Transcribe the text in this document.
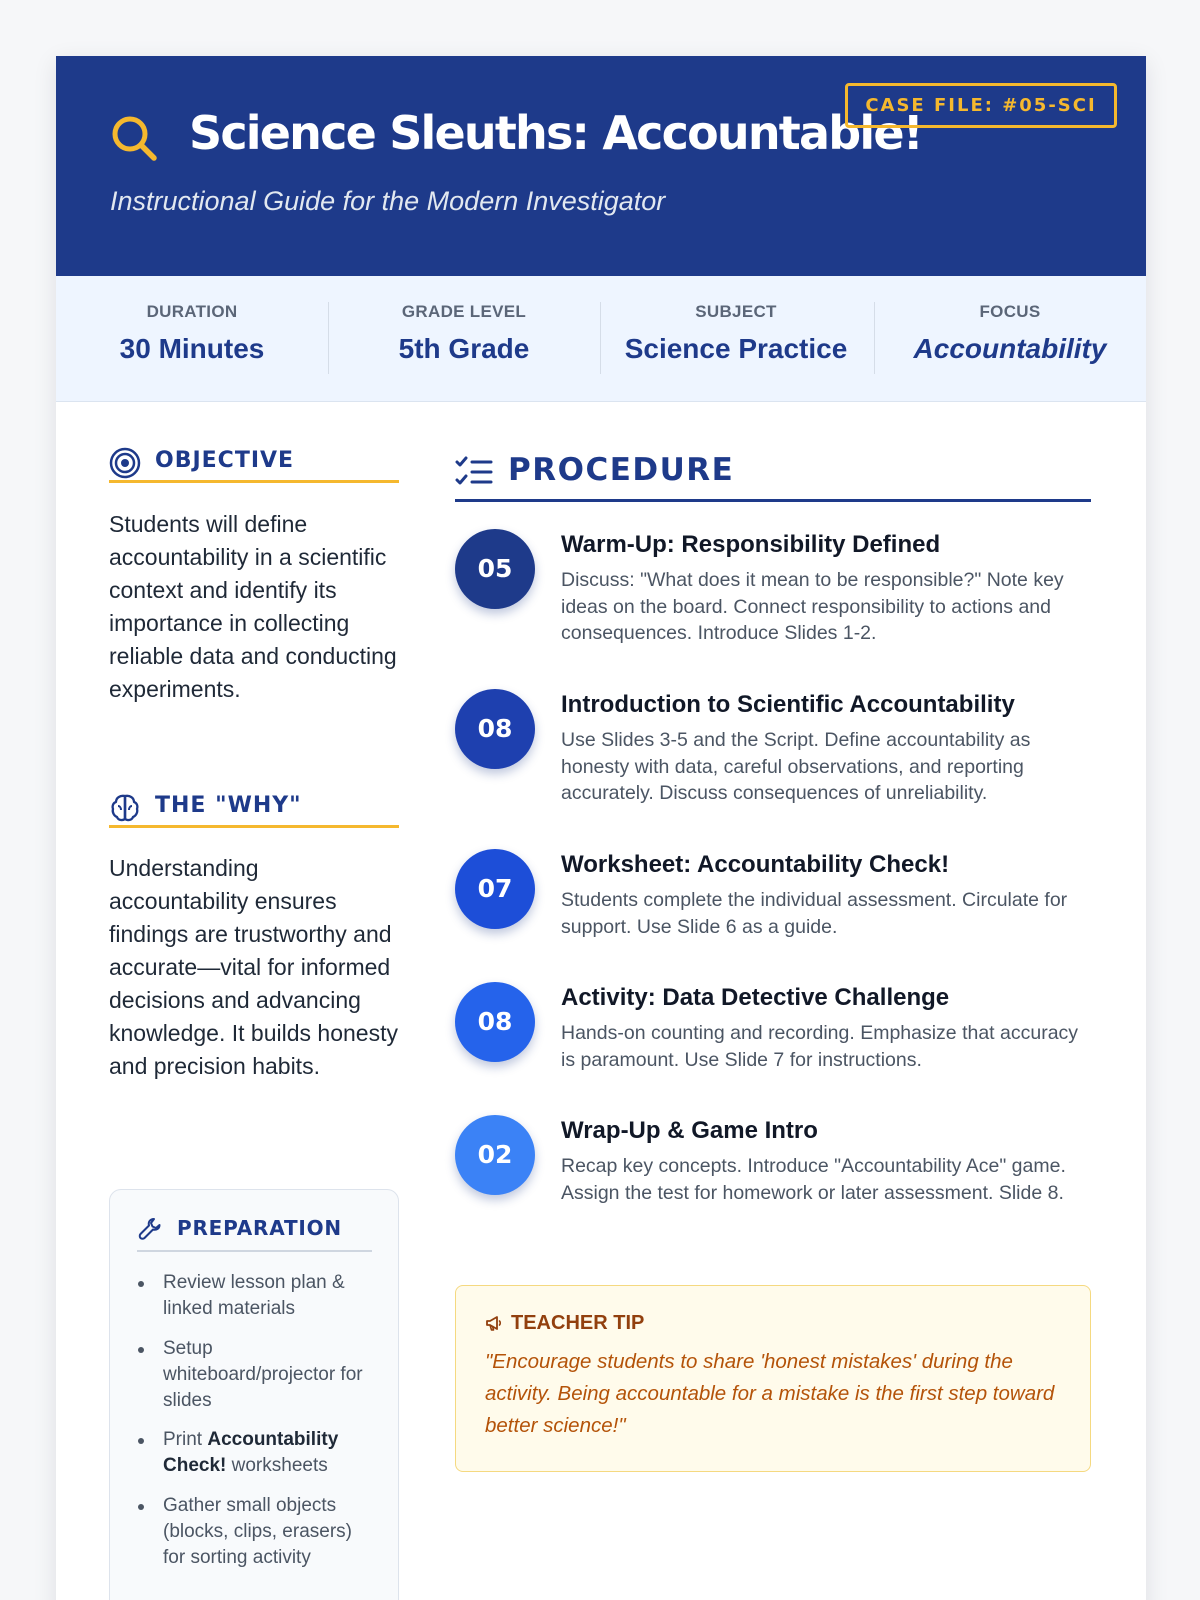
Science Sleuths: Accountable!
Instructional Guide for the Modern Investigator
CASE FILE: #05-SCI
DURATION
30 Minutes
GRADE LEVEL
5th Grade
SUBJECT
Science Practice
FOCUS
Accountability
OBJECTIVE
Students will define accountability in a scientific context and identify its importance in collecting reliable data and conducting experiments.
THE "WHY"
Understanding accountability ensures findings are trustworthy and accurate—vital for informed decisions and advancing knowledge. It builds honesty and precision habits.
PREPARATION
Review lesson plan & linked materials
Setup whiteboard/projector for slides
Print Accountability Check! worksheets
Gather small objects (blocks, clips, erasers) for sorting activity
PROCEDURE
05
Warm-Up: Responsibility Defined
Discuss: "What does it mean to be responsible?" Note key ideas on the board. Connect responsibility to actions and consequences. Introduce Slides 1-2.
08
Introduction to Scientific Accountability
Use Slides 3-5 and the Script. Define accountability as honesty with data, careful observations, and reporting accurately. Discuss consequences of unreliability.
07
Worksheet: Accountability Check!
Students complete the individual assessment. Circulate for support. Use Slide 6 as a guide.
08
Activity: Data Detective Challenge
Hands-on counting and recording. Emphasize that accuracy is paramount. Use Slide 7 for instructions.
02
Wrap-Up & Game Intro
Recap key concepts. Introduce "Accountability Ace" game. Assign the test for homework or later assessment. Slide 8.
TEACHER TIP
"Encourage students to share 'honest mistakes' during the activity. Being accountable for a mistake is the first step toward better science!"
